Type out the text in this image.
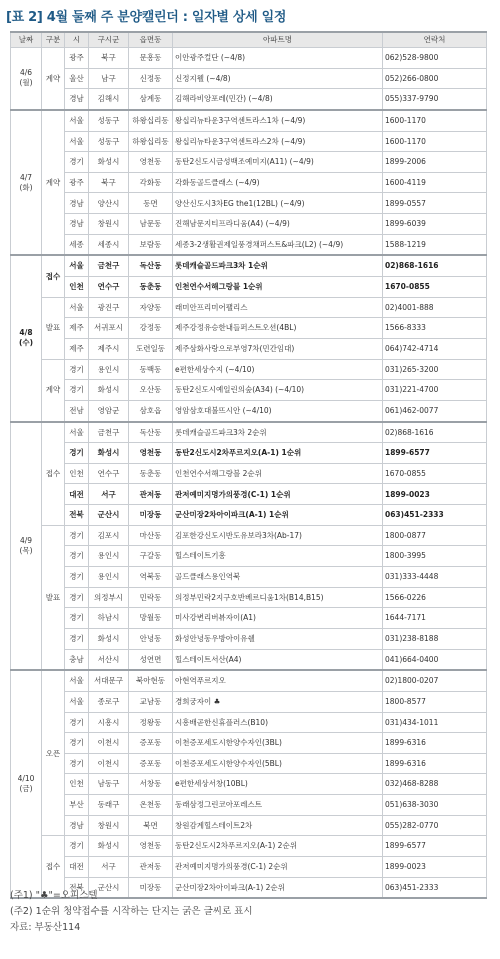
[표 2] 4월 둘째 주 분양캘린더 : 일자별 상세 일정
날짜	구분	시	구시군	읍면동	아파트명	연락처
4/6 (월)	계약	광주	북구	문흥동	이안광주컬단 (~4/8)	062)528-9800
		울산	남구	신정동	신정지웰 (~4/8)	052)266-0800
		경남	김해시	삼계동	김해라비앙포레(민간) (~4/8)	055)337-9790
4/7 (화)	계약	서울	성동구	하왕십리동	왕십리뉴타운3구역센트라스1차 (~4/9)	1600-1170
		서울	성동구	하왕십리동	왕십리뉴타운3구역센트라스2차 (~4/9)	1600-1170
		경기	화성시	영천동	동탄2신도시금성백조예미지(A11) (~4/9)	1899-2006
		광주	북구	각화동	각화동골드클래스 (~4/9)	1600-4119
		경남	양산시	동면	양산신도시3차EG the1(12BL) (~4/9)	1899-0557
		경남	창원시	남문동	진해남문지티프라디움(A4) (~4/9)	1899-6039
		세종	세종시	보람동	세종3-2생활권제일풍경채퍼스트&파크(L2) (~4/9)	1588-1219
4/8 (수)	접수	서울	금천구	독산동	롯데캐슬골드파크3차 1순위	02)868-1616
		인천	연수구	동춘동	인천연수서해그랑블 1순위	1670-0855
	발표	서울	광진구	자양동	래미안프리미어팰리스	02)4001-888
		제주	서귀포시	강정동	제주강정유승한내들퍼스트오션(4BL)	1566-8333
		제주	제주시	도련일동	제주삼화사랑으로부영7차(민간임대)	064)742-4714
	계약	경기	용인시	동백동	e편한세상수지 (~4/10)	031)265-3200
		경기	화성시	오산동	동탄2신도시예일린의숲(A34) (~4/10)	031)221-4700
		전남	영암군	삼호읍	영암삼호대불뜨시안 (~4/10)	061)462-0077
4/9 (목)	접수	서울	금천구	독산동	롯데캐슬골드파크3차 2순위	02)868-1616
		경기	화성시	영천동	동탄2신도시2차푸르지오(A-1) 1순위	1899-6577
		인천	연수구	동춘동	인천연수서해그랑블 2순위	1670-0855
		대전	서구	관저동	관저예미지명가의풍경(C-1) 1순위	1899-0023
		전북	군산시	미장동	군산미장2차아이파크(A-1) 1순위	063)451-2333
	발표	경기	김포시	마산동	김포한강신도시반도유보라3차(Ab-17)	1800-0877
		경기	용인시	구갈동	힐스테이트기흥	1800-3995
		경기	용인시	역북동	골드클래스용인역북	031)333-4448
		경기	의정부시	민락동	의정부민락2지구호반베르디움1차(B14,B15)	1566-0226
		경기	하남시	망월동	미사강변리버뷰자이(A1)	1644-7171
		경기	화성시	안녕동	화성안녕동우방아이유쉘	031)238-8188
		충남	서산시	성연면	힐스테이트서산(A4)	041)664-0400
4/10 (금)	오픈	서울	서대문구	북아현동	아현역푸르지오	02)1800-0207
		서울	종로구	교남동	경희궁자이 ♣	1800-8577
		경기	시흥시	정왕동	시흥배곧한신휴플러스(B10)	031)434-1011
		경기	이천시	증포동	이천증포세도시한양수자인(3BL)	1899-6316
		경기	이천시	증포동	이천증포세도시한양수자인(5BL)	1899-6316
		인천	남동구	서창동	e편한세상서창(10BL)	032)468-8288
		부산	동래구	온천동	동래삼정그린코아포레스트	051)638-3030
		경남	창원시	북면	창원감계힐스테이트2차	055)282-0770
	접수	경기	화성시	영천동	동탄2신도시2차푸르지오(A-1) 2순위	1899-6577
		대전	서구	관저동	관저예미지명가의풍경(C-1) 2순위	1899-0023
		전북	군산시	미장동	군산미장2차아이파크(A-1) 2순위	063)451-2333
(주1) "♣"=오피스텔
(주2) 1순위 청약접수를 시작하는 단지는 굵은 글씨로 표시
자료: 부동산114
